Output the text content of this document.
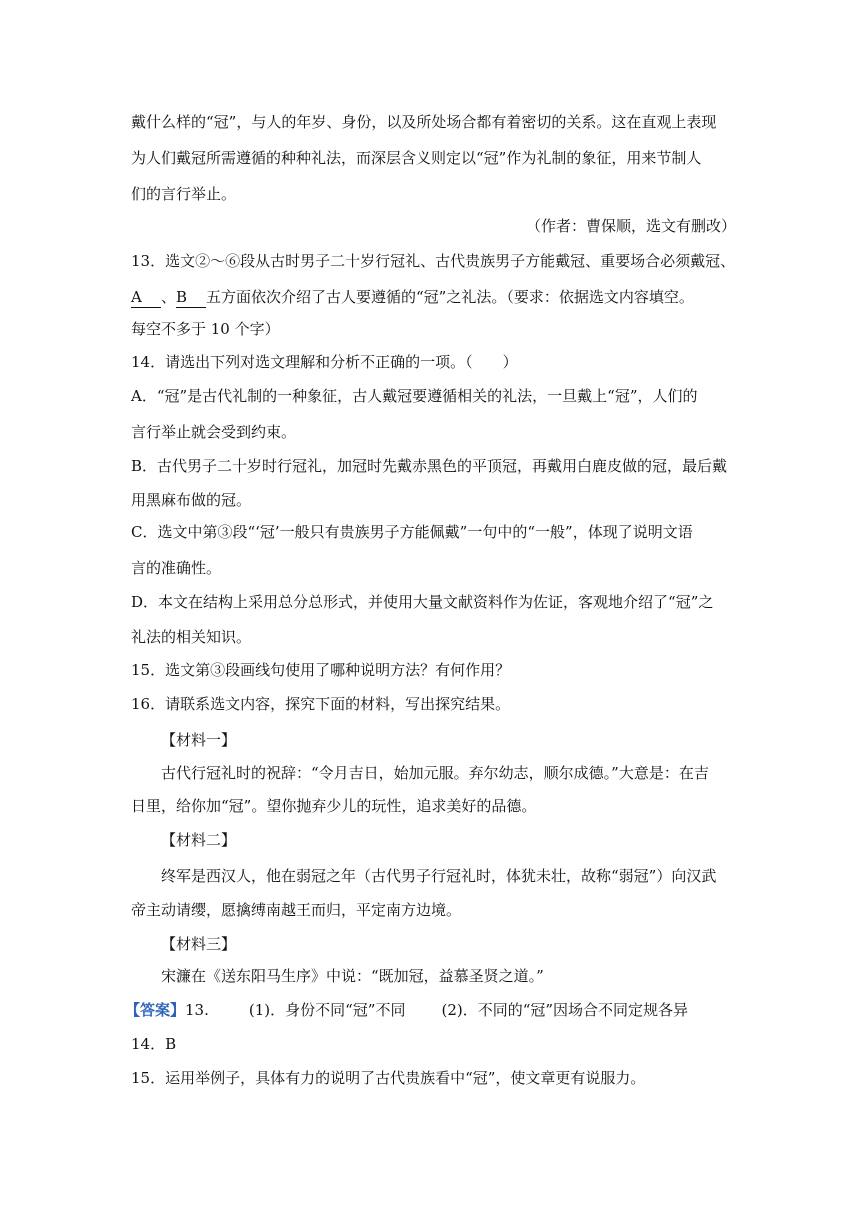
戴什么样的“冠”，与人的年岁、身份，以及所处场合都有着密切的关系。这在直观上表现
为人们戴冠所需遵循的种种礼法，而深层含义则定以“冠”作为礼制的象征，用来节制人
们的言行举止。
（作者：曹保顺，选文有删改）
13．选文②～⑥段从古时男子二十岁行冠礼、古代贵族男子方能戴冠、重要场合必须戴冠、
A 、B 五方面依次介绍了古人要遵循的“冠”之礼法。（要求：依据选文内容填空。
每空不多于 10 个字）
14．请选出下列对选文理解和分析不正确的一项。（　　）
A．“冠”是古代礼制的一种象征，古人戴冠要遵循相关的礼法，一旦戴上“冠”，人们的
言行举止就会受到约束。
B．古代男子二十岁时行冠礼，加冠时先戴赤黑色的平顶冠，再戴用白鹿皮做的冠，最后戴
用黑麻布做的冠。
C．选文中第③段“‘冠’一般只有贵族男子方能佩戴”一句中的“一般”，体现了说明文语
言的准确性。
D．本文在结构上采用总分总形式，并使用大量文献资料作为佐证，客观地介绍了“冠”之
礼法的相关知识。
15．选文第③段画线句使用了哪种说明方法？有何作用？
16．请联系选文内容，探究下面的材料，写出探究结果。
【材料一】
古代行冠礼时的祝辞：“令月吉日，始加元服。弃尔幼志，顺尔成德。”大意是：在吉
日里，给你加“冠”。望你抛弃少儿的玩性，追求美好的品德。
【材料二】
终军是西汉人，他在弱冠之年（古代男子行冠礼时，体犹未壮，故称“弱冠”）向汉武
帝主动请缨，愿擒缚南越王而归，平定南方边境。
【材料三】
宋濂在《送东阳马生序》中说：“既加冠，益慕圣贤之道。”
【答案】13.	(1)．身份不同“冠”不同 (2)．不同的“冠”因场合不同定规各异
14．B
15．运用举例子，具体有力的说明了古代贵族看中“冠”，使文章更有说服力。
